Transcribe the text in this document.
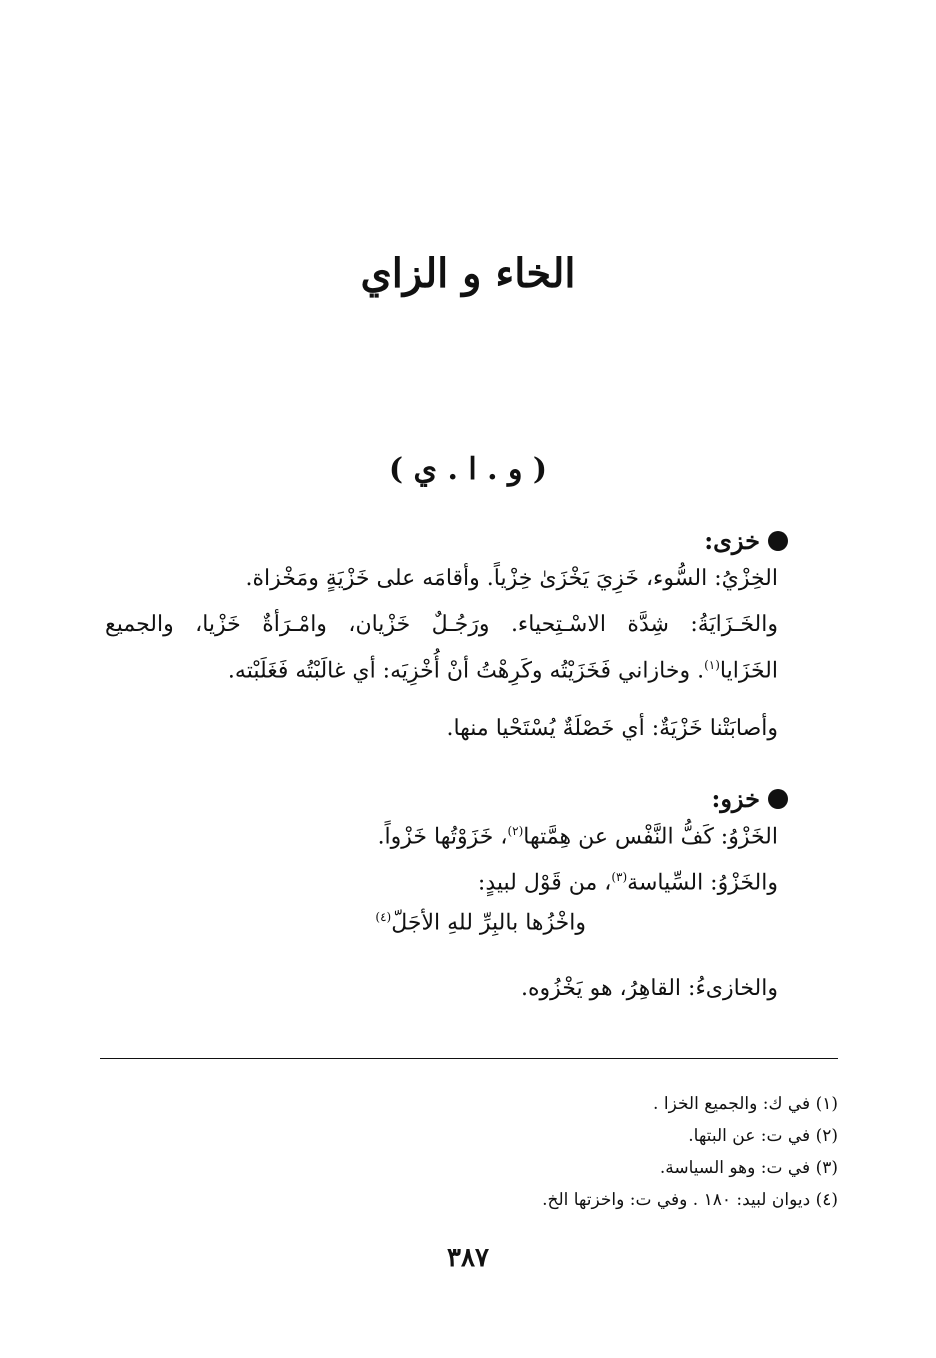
الخاء و الزاي
( و . ا . ي )
خزى:
الخِزْيُ: السُّوء، خَزِيَ يَخْزَىٰ خِزْياً. وأقامَه على خَزْيَةٍ ومَخْزاة.
والخَـزَايَةُ: شِدَّة الاسْـتِحياء. ورَجُـلٌ خَزْيان، وامْـرَأةٌ خَزْيا، والجميع
الخَزَايا$^{(١)}$. وخازاني فَخَزَيْتُه وكَرِهْتُ أنْ أُخْزِيَه: أي غالَبْتُه فَغَلَبْته.
وأصابَتْنا خَزْيَةٌ: أي خَصْلَةٌ يُسْتَحْيا منها.
خزو:
الخَزْوُ: كَفُّ النَّفْس عن هِمَّتها$^{(٢)}$، خَزَوْتُها خَزْواً.
والخَزْوُ: السِّياسة$^{(٣)}$، من قَوْل لبيدٍ:
واخْزُها بالبِرِّ للهِ الأجَلّ$^{(٤)}$
والخازىءُ: القاهِرُ، هو يَخْزُوه.
(١) في ك: والجميع الخزا .
(٢) في ت: عن البتها.
(٣) في ت: وهو السياسة.
(٤) ديوان لبيد: ١٨٠ . وفي ت: واخزتها الخ.
٣٨٧
